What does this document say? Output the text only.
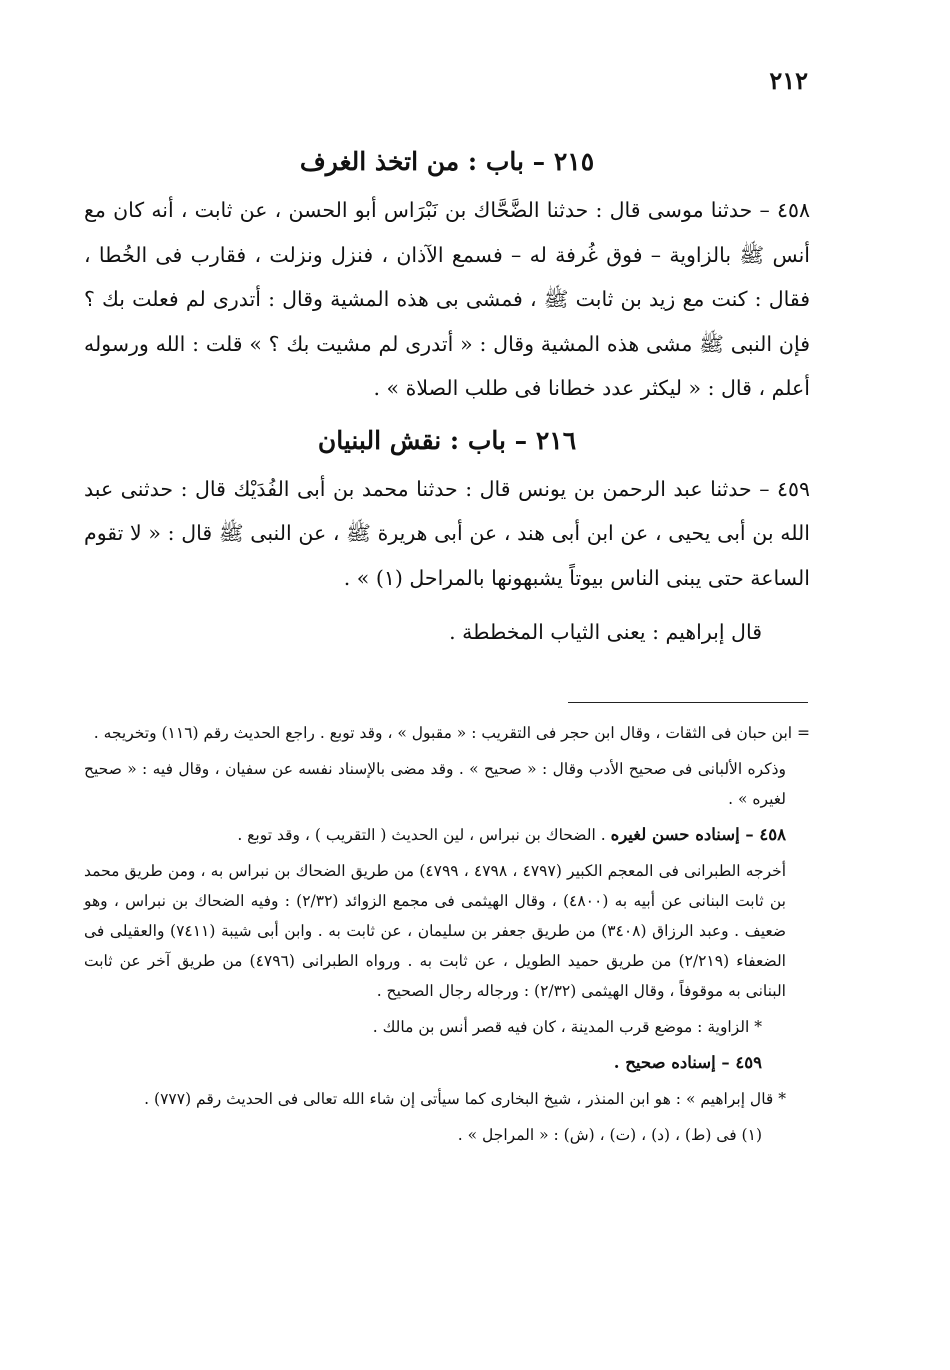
٢١٢
٢١٥ – باب : من اتخذ الغرف

٤٥٨ – حدثنا موسى قال : حدثنا الضَّحَّاك بن نَبْرَاس أبو الحسن ، عن ثابت ، أنه كان مع أنس ﷺ بالزاوية – فوق غُرفة له – فسمع الآذان ، فنزل ونزلت ، فقارب فى الخُطا ، فقال : كنت مع زيد بن ثابت ﷺ ، فمشى بى هذه المشية وقال : أتدرى لم فعلت بك ؟ فإن النبى ﷺ مشى هذه المشية وقال : « أتدرى لم مشيت بك ؟ » قلت : الله ورسوله أعلم ، قال : « ليكثر عدد خطانا فى طلب الصلاة » .

٢١٦ – باب : نقش البنيان

٤٥٩ – حدثنا عبد الرحمن بن يونس قال : حدثنا محمد بن أبى الفُدَيْك قال : حدثنى عبد الله بن أبى يحيى ، عن ابن أبى هند ، عن أبى هريرة ﷺ ، عن النبى ﷺ قال : « لا تقوم الساعة حتى يبنى الناس بيوتاً يشبهونها بالمراحل (١) » .

قال إبراهيم : يعنى الثياب المخططة .

= ابن حبان فى الثقات ، وقال ابن حجر فى التقريب : « مقبول » ، وقد توبع . راجع الحديث رقم (١١٦) وتخريجه .

وذكره الألبانى فى صحيح الأدب وقال : « صحيح » . وقد مضى بالإسناد نفسه عن سفيان ، وقال فيه : « صحيح لغيره » .

٤٥٨ – إسناده حسن لغيره . الضحاك بن نبراس ، لين الحديث ( التقريب ) ، وقد توبع .

أخرجه الطبرانى فى المعجم الكبير (٤٧٩٧ ، ٤٧٩٨ ، ٤٧٩٩) من طريق الضحاك بن نبراس به ، ومن طريق محمد بن ثابت البنانى عن أبيه به (٤٨٠٠) ، وقال الهيثمى فى مجمع الزوائد (٢/٣٢) : وفيه الضحاك بن نبراس ، وهو ضعيف . وعبد الرزاق (٣٤٠٨) من طريق جعفر بن سليمان ، عن ثابت به . وابن أبى شيبة (٧٤١١) والعقيلى فى الضعفاء (٢/٢١٩) من طريق حميد الطويل ، عن ثابت به . ورواه الطبرانى (٤٧٩٦) من طريق آخر عن ثابت البنانى به موقوفاً ، وقال الهيثمى (٢/٣٢) : ورجاله رجال الصحيح .

* الزاوية : موضع قرب المدينة ، كان فيه قصر أنس بن مالك .

٤٥٩ – إسناده صحيح .

* قال إبراهيم » : هو ابن المنذر ، شيخ البخارى كما سيأتى إن شاء الله تعالى فى الحديث رقم (٧٧٧) .

(١) فى (ط) ، (د) ، (ت) ، (ش) : « المراجل » .
